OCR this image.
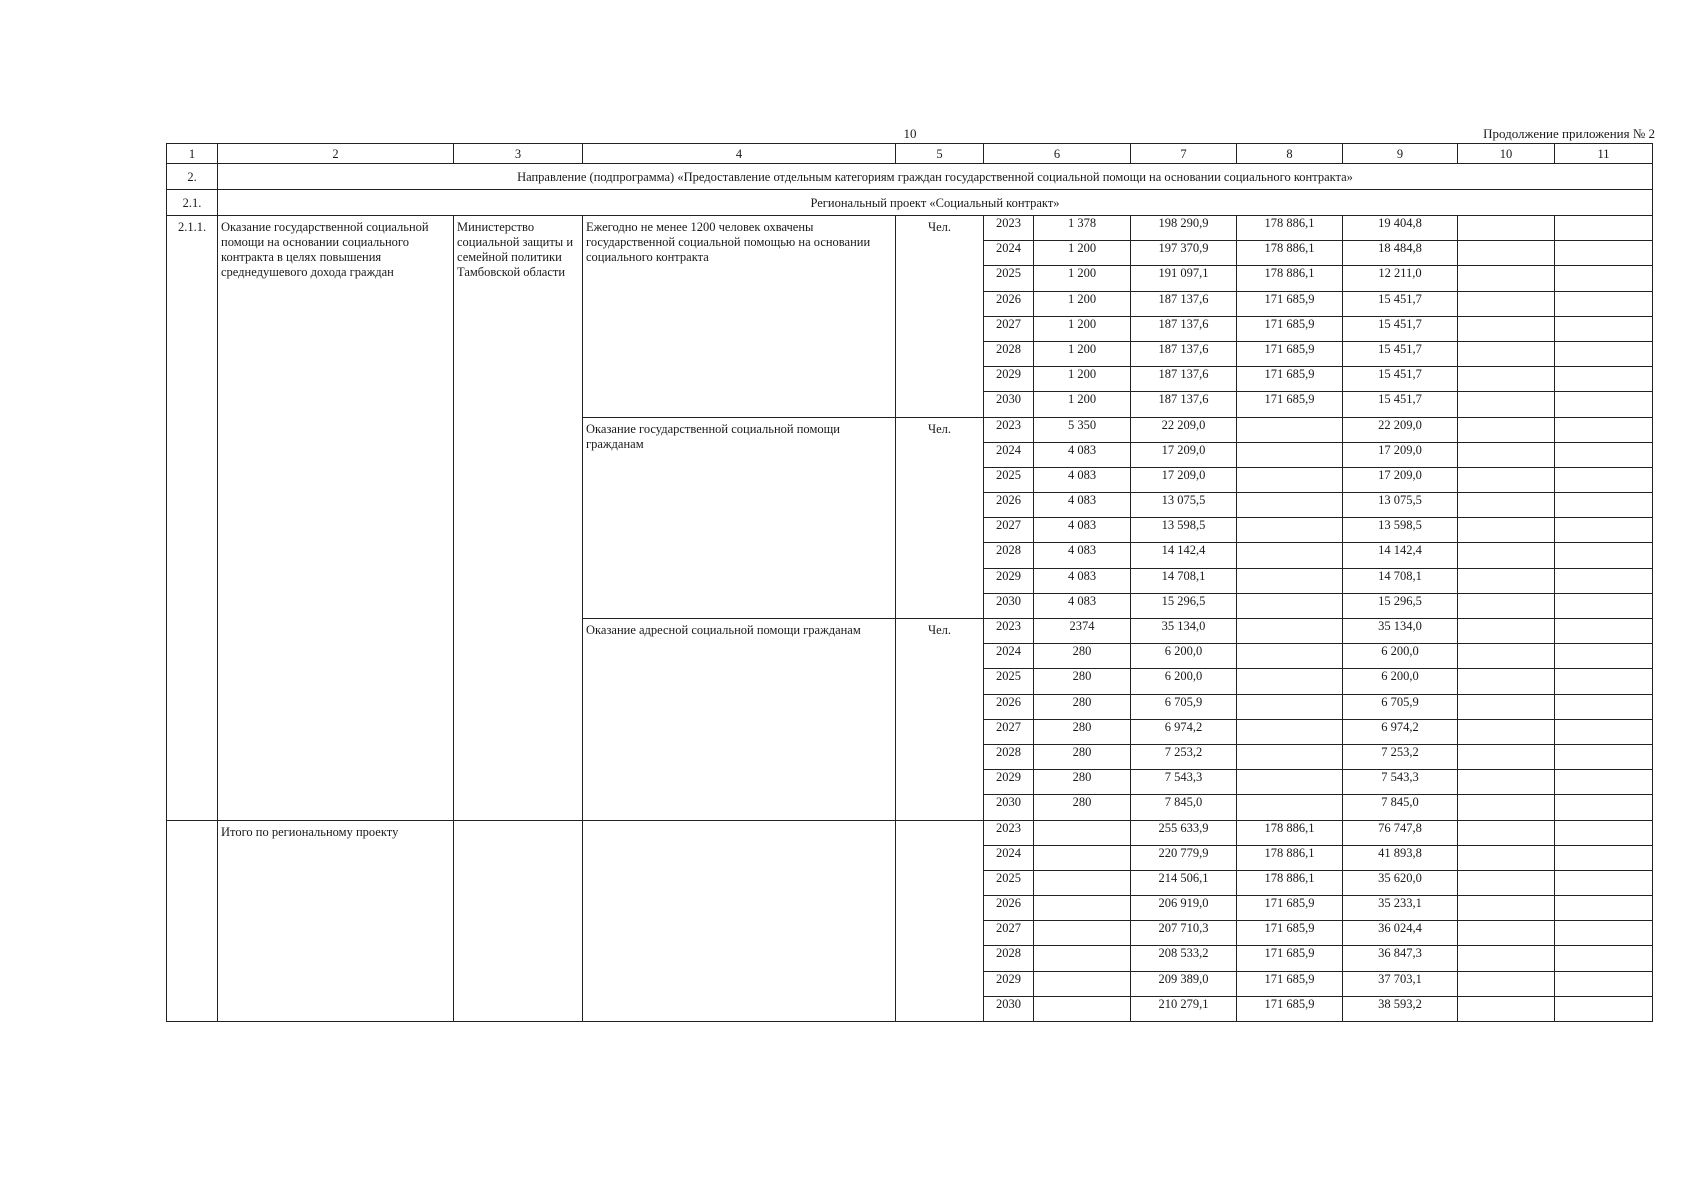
10	Продолжение приложения № 2
1	2	3	4	5	6		7	8	9	10	11
2.	Направление (подпрограмма) «Предоставление отдельным категориям граждан государственной социальной помощи на основании социального контракта»										
2.1.	Региональный проект «Социальный контракт»										
2.1.1.	Оказание государственной социальной помощи на основании социального контракта в целях повышения среднедушевого дохода граждан	Министерство социальной защиты и семейной политики Тамбовской области	Ежегодно не менее 1200 человек охвачены государственной социальной помощью на основании социального контракта	Чел.	2023	1 378	198 290,9	178 886,1	19 404,8		
					2024	1 200	197 370,9	178 886,1	18 484,8		
					2025	1 200	191 097,1	178 886,1	12 211,0		
					2026	1 200	187 137,6	171 685,9	15 451,7		
					2027	1 200	187 137,6	171 685,9	15 451,7		
					2028	1 200	187 137,6	171 685,9	15 451,7		
					2029	1 200	187 137,6	171 685,9	15 451,7		
					2030	1 200	187 137,6	171 685,9	15 451,7		
			Оказание государственной социальной помощи гражданам	Чел.	2023	5 350	22 209,0		22 209,0		
					2024	4 083	17 209,0		17 209,0		
					2025	4 083	17 209,0		17 209,0		
					2026	4 083	13 075,5		13 075,5		
					2027	4 083	13 598,5		13 598,5		
					2028	4 083	14 142,4		14 142,4		
					2029	4 083	14 708,1		14 708,1		
					2030	4 083	15 296,5		15 296,5		
			Оказание адресной социальной помощи гражданам	Чел.	2023	2374	35 134,0		35 134,0		
					2024	280	6 200,0		6 200,0		
					2025	280	6 200,0		6 200,0		
					2026	280	6 705,9		6 705,9		
					2027	280	6 974,2		6 974,2		
					2028	280	7 253,2		7 253,2		
					2029	280	7 543,3		7 543,3		
					2030	280	7 845,0		7 845,0		
	Итого по региональному проекту				2023		255 633,9	178 886,1	76 747,8		
					2024		220 779,9	178 886,1	41 893,8		
					2025		214 506,1	178 886,1	35 620,0		
					2026		206 919,0	171 685,9	35 233,1		
					2027		207 710,3	171 685,9	36 024,4		
					2028		208 533,2	171 685,9	36 847,3		
					2029		209 389,0	171 685,9	37 703,1		
					2030		210 279,1	171 685,9	38 593,2		
